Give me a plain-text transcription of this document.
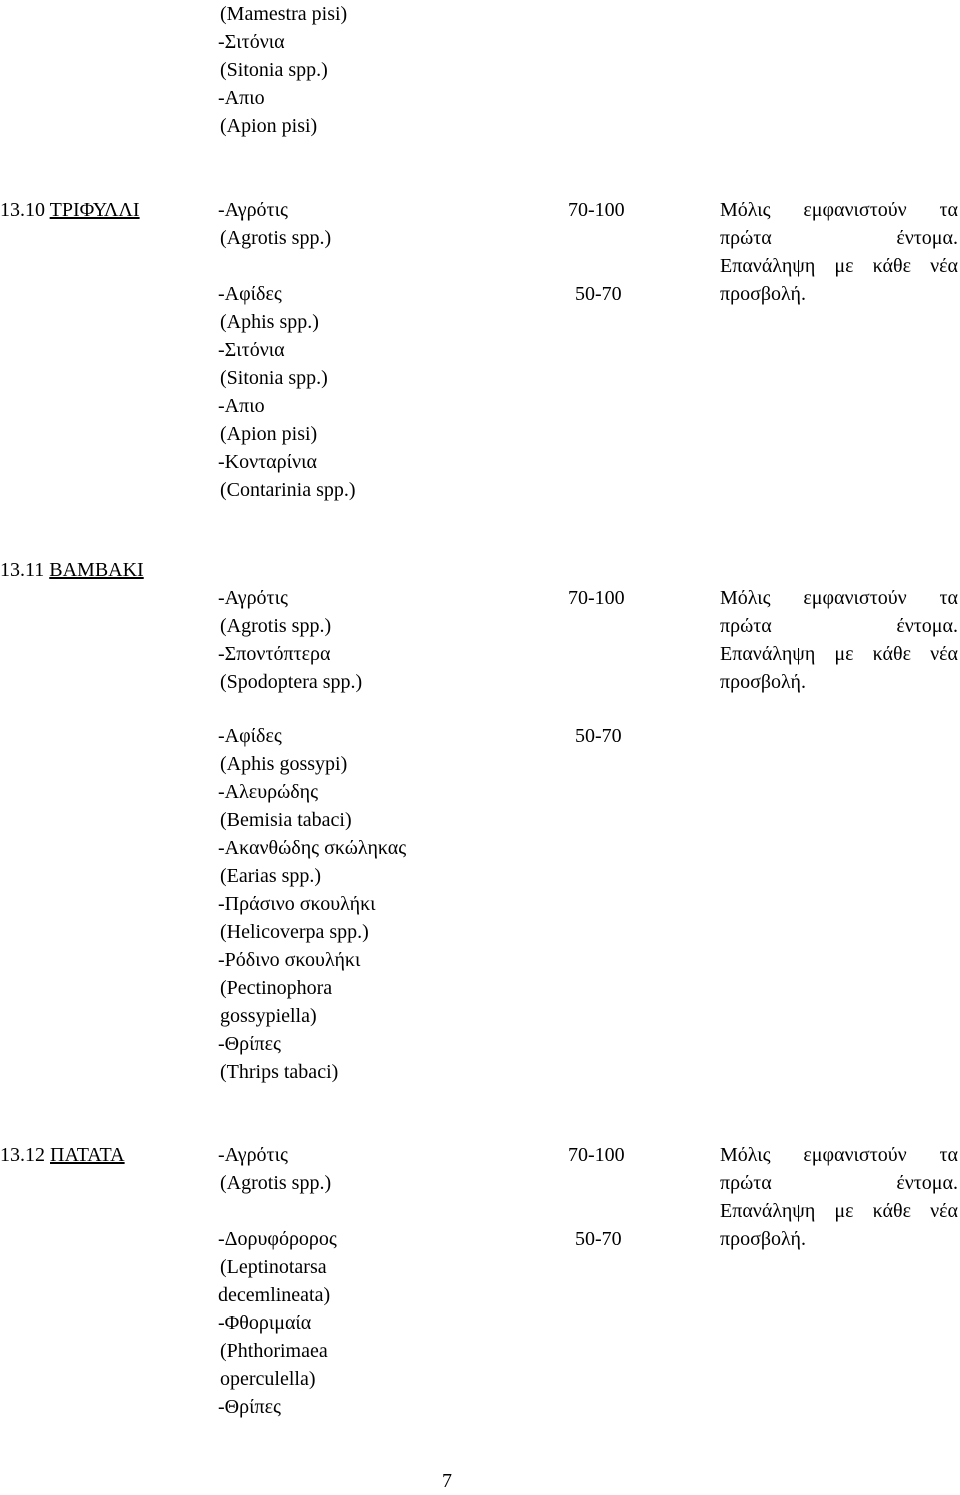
(Mamestra pisi)

-Σιτόνια

(Sitonia spp.)

-Απιο

(Apion pisi)

13.10 ΤΡΙΦΥΛΛΙ	-Αγρότις

(Agrotis spp.)

-Αφίδες

(Aphis spp.)

-Σιτόνια

(Sitonia spp.)

-Απιο

(Apion pisi)

-Κονταρίνια

(Contarinia spp.)

70-100

50-70

Μόλις εμφανιστούν τα

πρώτα έντομα.

Επανάληψη με κάθε νέα

προσβολή.

13.11 ΒΑΜΒΑΚΙ

-Αγρότις

(Agrotis spp.)

-Σποντόπτερα

(Spodoptera spp.)

-Αφίδες

(Aphis gossypi)

-Αλευρώδης

(Bemisia tabaci)

-Ακανθώδης σκώληκας

(Earias spp.)

-Πράσινο σκουλήκι

(Helicoverpa spp.)

-Ρόδινο σκουλήκι

(Pectinophora

gossypiella)

-Θρίπες

(Thrips tabaci)

70-100

50-70

Μόλις εμφανιστούν τα

πρώτα έντομα.

Επανάληψη με κάθε νέα

προσβολή.

13.12 ΠΑΤΑΤΑ	-Αγρότις

(Agrotis spp.)

-Δορυφόρορος

(Leptinotarsa

decemlineata)

-Φθοριμαία

(Phthorimaea

operculella)

-Θρίπες

70-100

50-70

Μόλις εμφανιστούν τα

πρώτα έντομα.

Επανάληψη με κάθε νέα

προσβολή.

7
